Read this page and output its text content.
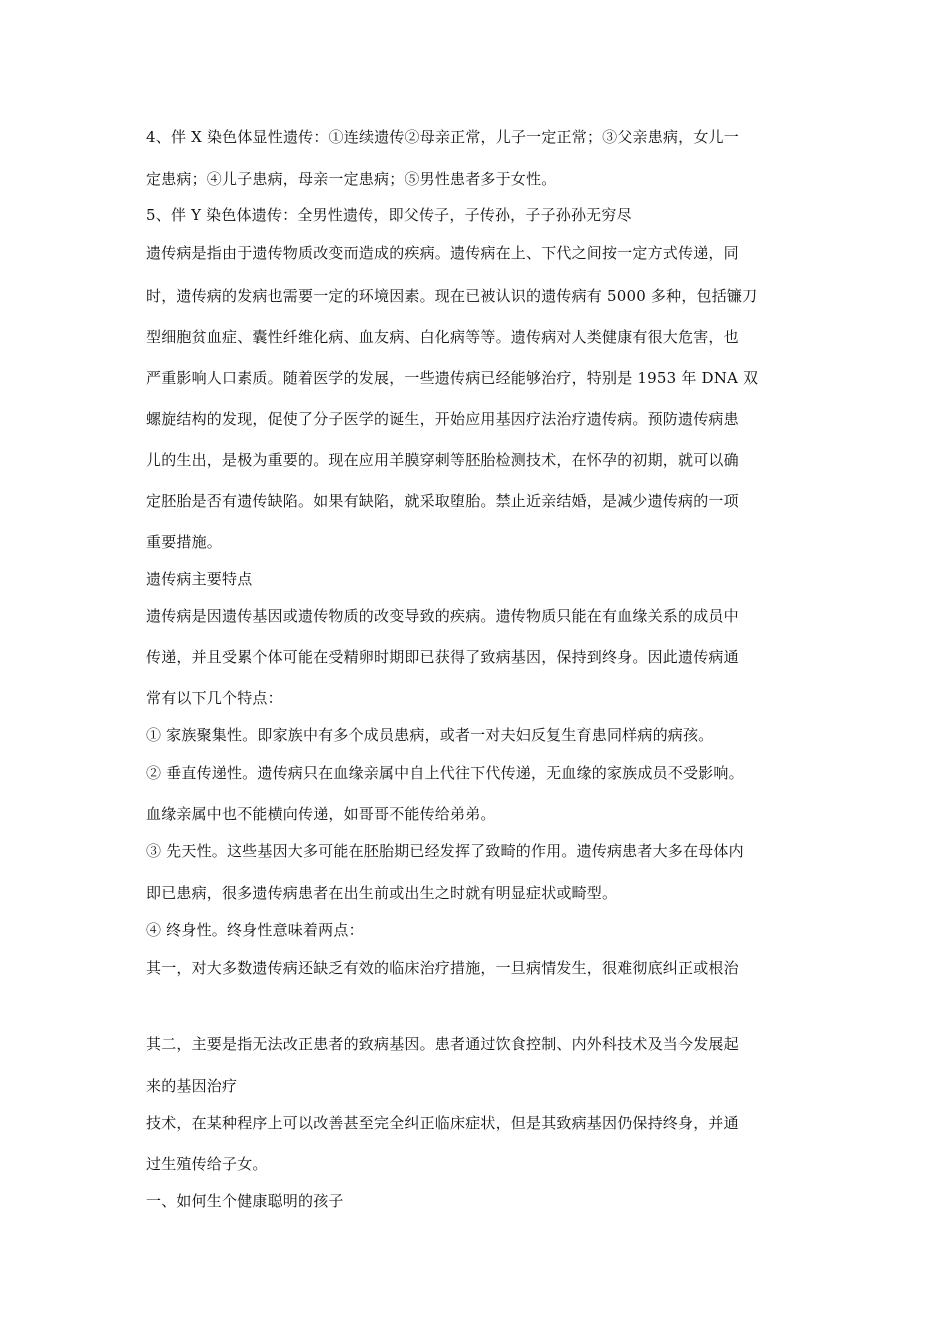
4、伴 X 染色体显性遗传：①连续遗传②母亲正常，儿子一定正常；③父亲患病，女儿一
定患病；④儿子患病，母亲一定患病；⑤男性患者多于女性。
5、伴 Y 染色体遗传：全男性遗传，即父传子，子传孙，子子孙孙无穷尽
遗传病是指由于遗传物质改变而造成的疾病。遗传病在上、下代之间按一定方式传递，同
时，遗传病的发病也需要一定的环境因素。现在已被认识的遗传病有 5000 多种，包括镰刀
型细胞贫血症、囊性纤维化病、血友病、白化病等等。遗传病对人类健康有很大危害，也
严重影响人口素质。随着医学的发展，一些遗传病已经能够治疗，特别是 1953 年 DNA 双
螺旋结构的发现，促使了分子医学的诞生，开始应用基因疗法治疗遗传病。预防遗传病患
儿的生出，是极为重要的。现在应用羊膜穿刺等胚胎检测技术，在怀孕的初期，就可以确
定胚胎是否有遗传缺陷。如果有缺陷，就采取堕胎。禁止近亲结婚，是减少遗传病的一项
重要措施。
遗传病主要特点
遗传病是因遗传基因或遗传物质的改变导致的疾病。遗传物质只能在有血缘关系的成员中
传递，并且受累个体可能在受精卵时期即已获得了致病基因，保持到终身。因此遗传病通
常有以下几个特点：
① 家族聚集性。即家族中有多个成员患病，或者一对夫妇反复生育患同样病的病孩。
② 垂直传递性。遗传病只在血缘亲属中自上代往下代传递，无血缘的家族成员不受影响。
血缘亲属中也不能横向传递，如哥哥不能传给弟弟。
③ 先天性。这些基因大多可能在胚胎期已经发挥了致畸的作用。遗传病患者大多在母体内
即已患病，很多遗传病患者在出生前或出生之时就有明显症状或畸型。
④ 终身性。终身性意味着两点：
其一，对大多数遗传病还缺乏有效的临床治疗措施，一旦病情发生，很难彻底纠正或根治
其二，主要是指无法改正患者的致病基因。患者通过饮食控制、内外科技术及当今发展起
来的基因治疗
技术，在某种程序上可以改善甚至完全纠正临床症状，但是其致病基因仍保持终身，并通
过生殖传给子女。
一、如何生个健康聪明的孩子
